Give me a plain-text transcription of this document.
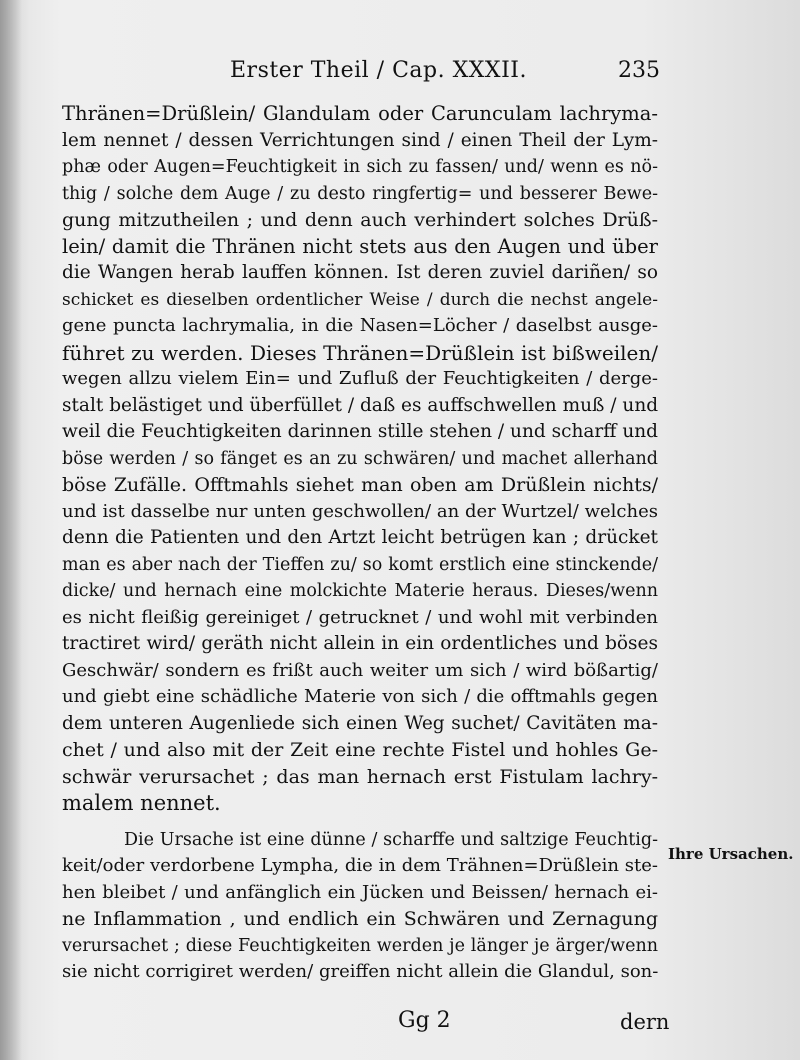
Erster Theil / Cap. XXXII.	235
Thränen=Drüßlein/ Glandulam oder Carunculam lachryma-
lem nennet / dessen Verrichtungen sind / einen Theil der Lym-
phæ oder Augen=Feuchtigkeit in sich zu fassen/ und/ wenn es nö-
thig / solche dem Auge / zu desto ringfertig= und besserer Bewe-
gung mitzutheilen ; und denn auch verhindert solches Drüß-
lein/ damit die Thränen nicht stets aus den Augen und über
die Wangen herab lauffen können. Ist deren zuviel dariñen/ so
schicket es dieselben ordentlicher Weise / durch die nechst angele-
gene puncta lachrymalia, in die Nasen=Löcher / daselbst ausge-
führet zu werden. Dieses Thränen=Drüßlein ist bißweilen/
wegen allzu vielem Ein= und Zufluß der Feuchtigkeiten / derge-
stalt belästiget und überfüllet / daß es auffschwellen muß / und
weil die Feuchtigkeiten darinnen stille stehen / und scharff und
böse werden / so fänget es an zu schwären/ und machet allerhand
böse Zufälle. Offtmahls siehet man oben am Drüßlein nichts/
und ist dasselbe nur unten geschwollen/ an der Wurtzel/ welches
denn die Patienten und den Artzt leicht betrügen kan ; drücket
man es aber nach der Tieffen zu/ so komt erstlich eine stinckende/
dicke/ und hernach eine molckichte Materie heraus. Dieses/wenn
es nicht fleißig gereiniget / getrucknet / und wohl mit verbinden
tractiret wird/ geräth nicht allein in ein ordentliches und böses
Geschwär/ sondern es frißt auch weiter um sich / wird bößartig/
und giebt eine schädliche Materie von sich / die offtmahls gegen
dem unteren Augenliede sich einen Weg suchet/ Cavitäten ma-
chet / und also mit der Zeit eine rechte Fistel und hohles Ge-
schwär verursachet ; das man hernach erst Fistulam lachry-
malem nennet.
Die Ursache ist eine dünne / scharffe und saltzige Feuchtig-
keit/oder verdorbene Lympha, die in dem Trähnen=Drüßlein ste-
hen bleibet / und anfänglich ein Jücken und Beissen/ hernach ei-
ne Inflammation , und endlich ein Schwären und Zernagung
verursachet ; diese Feuchtigkeiten werden je länger je ärger/wenn
sie nicht corrigiret werden/ greiffen nicht allein die Glandul, son-
Ihre Ursachen.
Gg 2	dern
